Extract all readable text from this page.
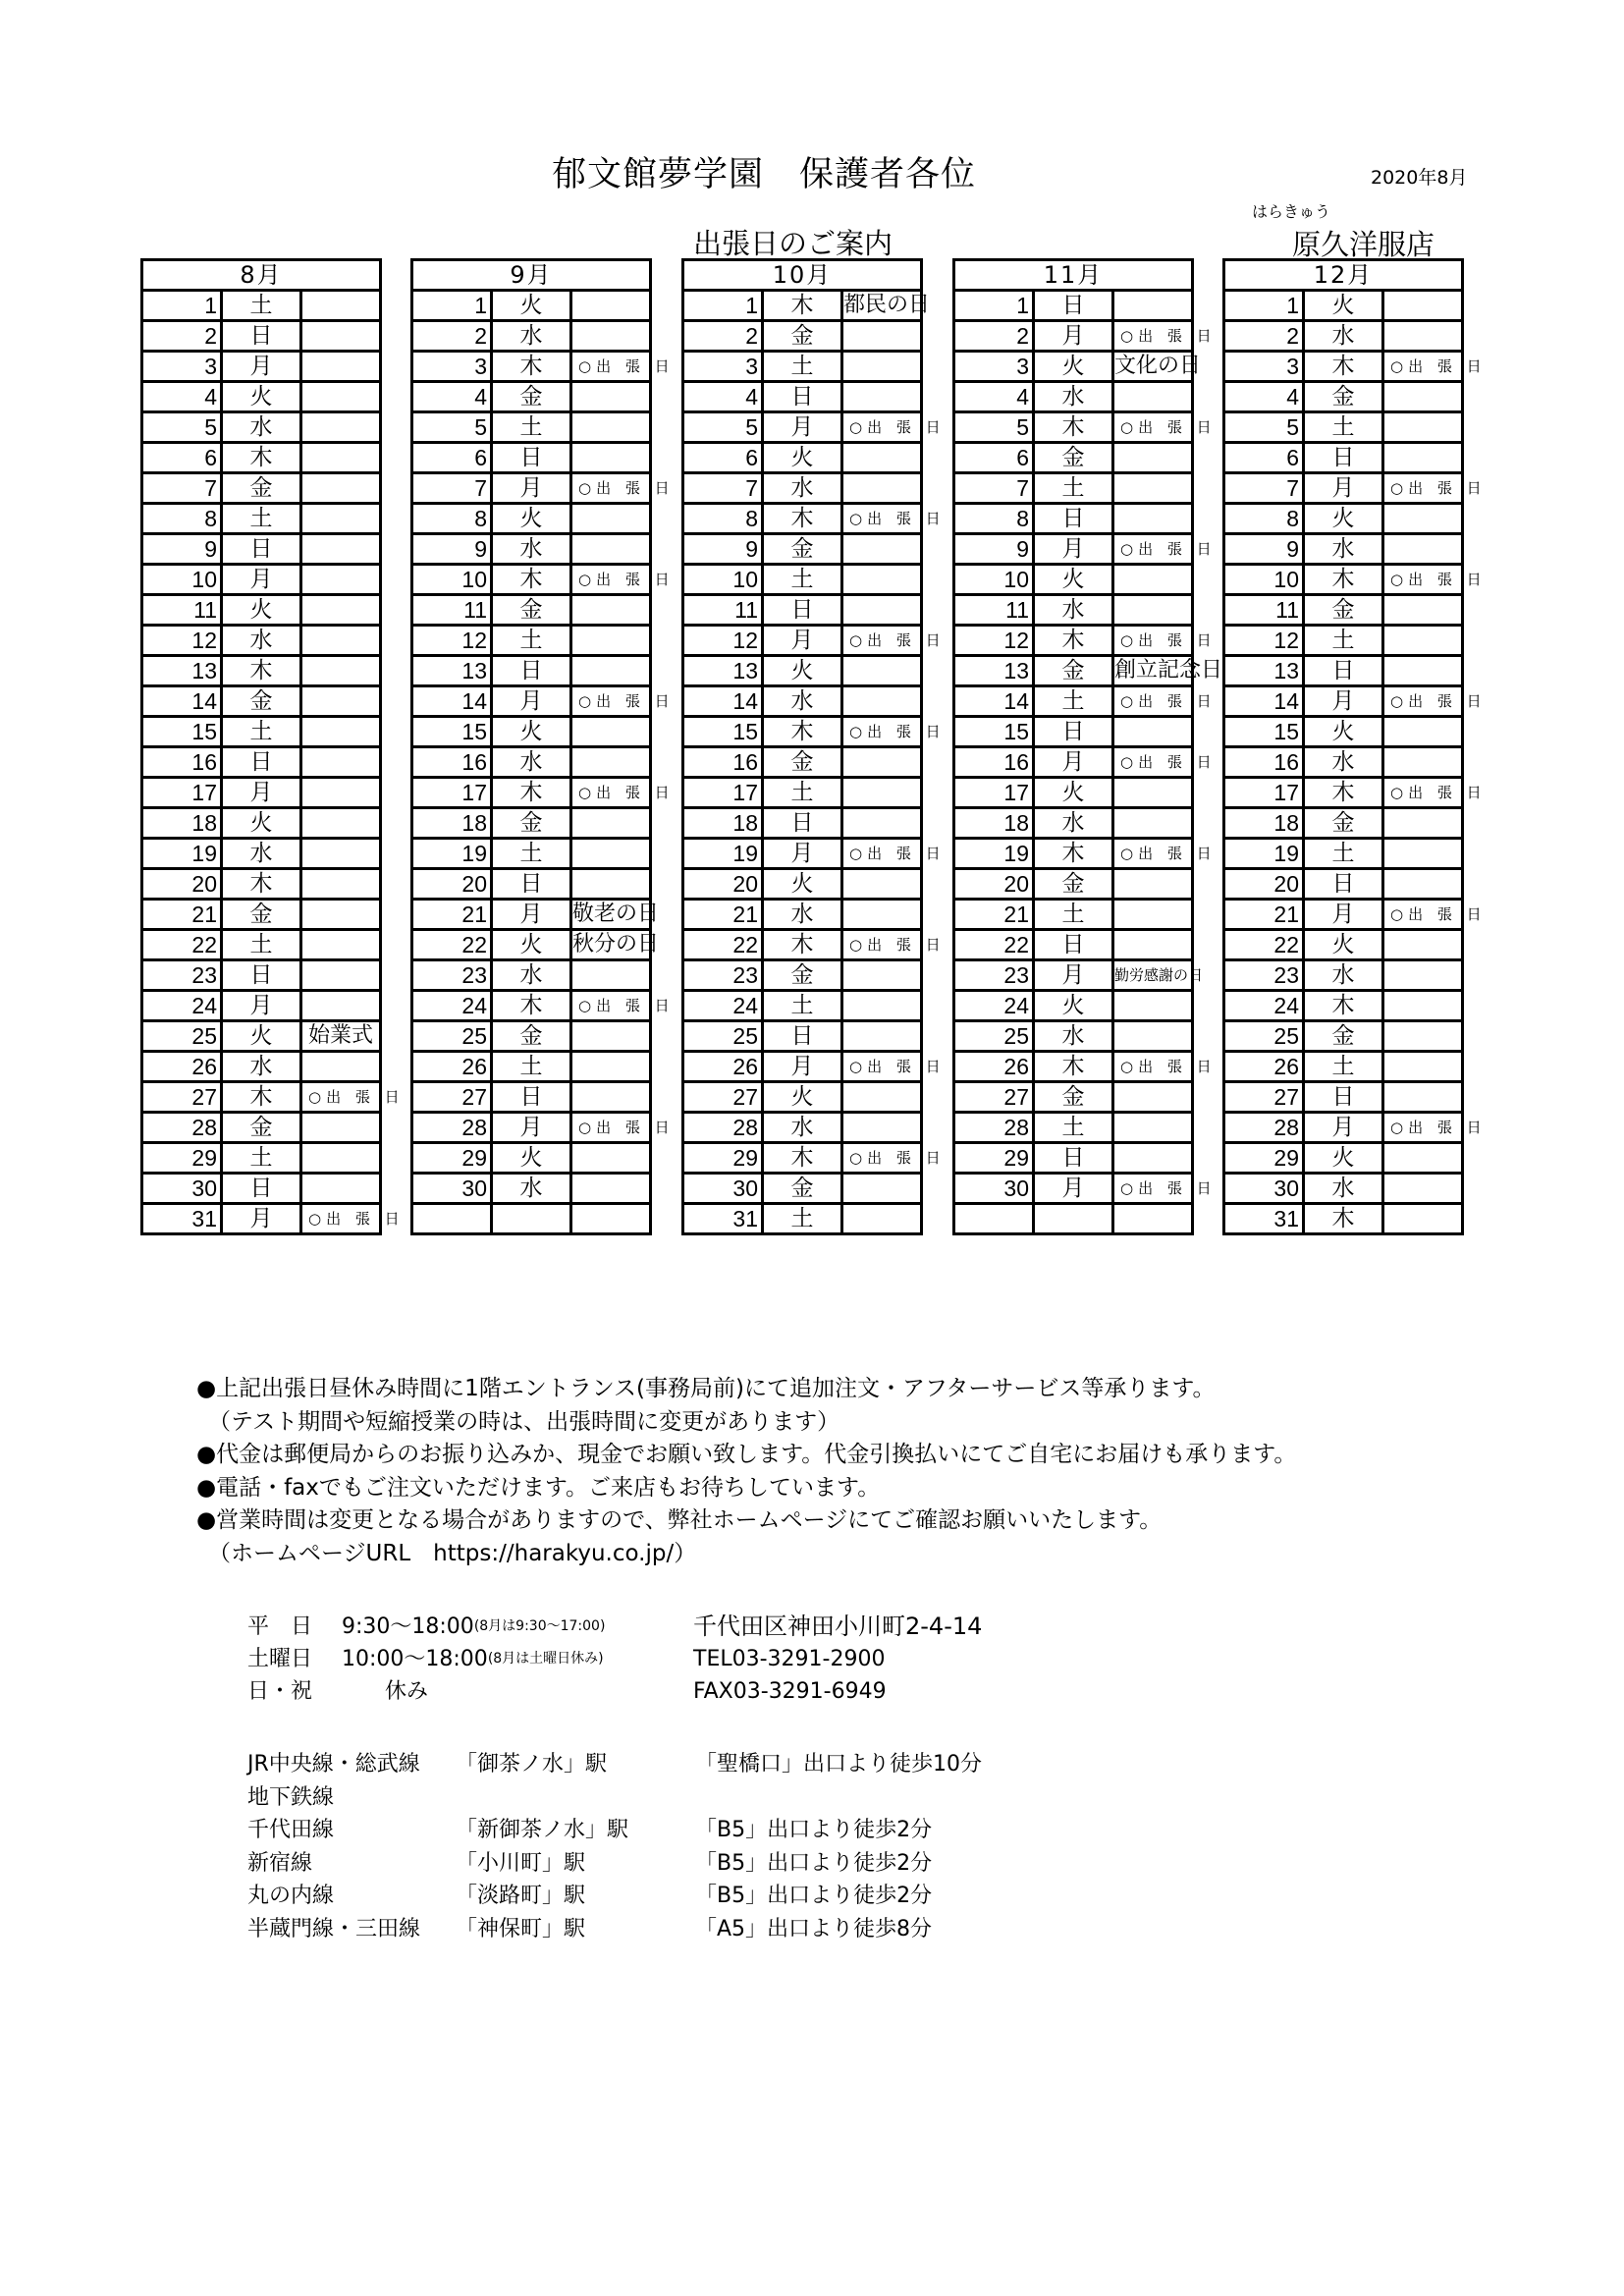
郁文館夢学園　保護者各位	2020年8月
出張日のご案内
はらきゅう
原久洋服店
8月		
1	土	
2	日	
3	月	
4	火	
5	水	
6	木	
7	金	
8	土	
9	日	
10	月	
11	火	
12	水	
13	木	
14	金	
15	土	
16	日	
17	月	
18	火	
19	水	
20	木	
21	金	
22	土	
23	日	
24	月	
25	火	始業式
26	水	
27	木	○出 張 日
28	金	
29	土	
30	日	
31	月	○出 張 日
9月		
1	火	
2	水	
3	木	○出 張 日
4	金	
5	土	
6	日	
7	月	○出 張 日
8	火	
9	水	
10	木	○出 張 日
11	金	
12	土	
13	日	
14	月	○出 張 日
15	火	
16	水	
17	木	○出 張 日
18	金	
19	土	
20	日	
21	月	敬老の日
22	火	秋分の日
23	水	
24	木	○出 張 日
25	金	
26	土	
27	日	
28	月	○出 張 日
29	火	
30	水	

10月		
1	木	都民の日
2	金	
3	土	
4	日	
5	月	○出 張 日
6	火	
7	水	
8	木	○出 張 日
9	金	
10	土	
11	日	
12	月	○出 張 日
13	火	
14	水	
15	木	○出 張 日
16	金	
17	土	
18	日	
19	月	○出 張 日
20	火	
21	水	
22	木	○出 張 日
23	金	
24	土	
25	日	
26	月	○出 張 日
27	火	
28	水	
29	木	○出 張 日
30	金	
31	土	
11月		
1	日	
2	月	○出 張 日
3	火	文化の日
4	水	
5	木	○出 張 日
6	金	
7	土	
8	日	
9	月	○出 張 日
10	火	
11	水	
12	木	○出 張 日
13	金	創立記念日
14	土	○出 張 日
15	日	
16	月	○出 張 日
17	火	
18	水	
19	木	○出 張 日
20	金	
21	土	
22	日	
23	月	勤労感謝の日
24	火	
25	水	
26	木	○出 張 日
27	金	
28	土	
29	日	
30	月	○出 張 日

12月		
1	火	
2	水	
3	木	○出 張 日
4	金	
5	土	
6	日	
7	月	○出 張 日
8	火	
9	水	
10	木	○出 張 日
11	金	
12	土	
13	日	
14	月	○出 張 日
15	火	
16	水	
17	木	○出 張 日
18	金	
19	土	
20	日	
21	月	○出 張 日
22	火	
23	水	
24	木	
25	金	
26	土	
27	日	
28	月	○出 張 日
29	火	
30	水	
31	木	
●上記出張日昼休み時間に1階エントランス(事務局前)にて追加注文・アフターサービス等承ります。
（テスト期間や短縮授業の時は、出張時間に変更があります）
●代金は郵便局からのお振り込みか、現金でお願い致します。代金引換払いにてご自宅にお届けも承ります。
●電話・faxでもご注文いただけます。ご来店もお待ちしています。
●営業時間は変更となる場合がありますので、弊社ホームページにてご確認お願いいたします。
（ホームページURL　https://harakyu.co.jp/）
平　日	9:30～18:00 (8月は9:30～17:00)
土曜日	10:00～18:00 (8月は土曜日休み)
日・祝	　　休み
千代田区神田小川町2-4-14
TEL03-3291-2900
FAX03-3291-6949
JR中央線・総武線	「御茶ノ水」駅	「聖橋口」出口より徒歩10分
地下鉄線
千代田線	「新御茶ノ水」駅	「B5」出口より徒歩2分
新宿線	「小川町」駅	「B5」出口より徒歩2分
丸の内線	「淡路町」駅	「B5」出口より徒歩2分
半蔵門線・三田線	「神保町」駅	「A5」出口より徒歩8分
